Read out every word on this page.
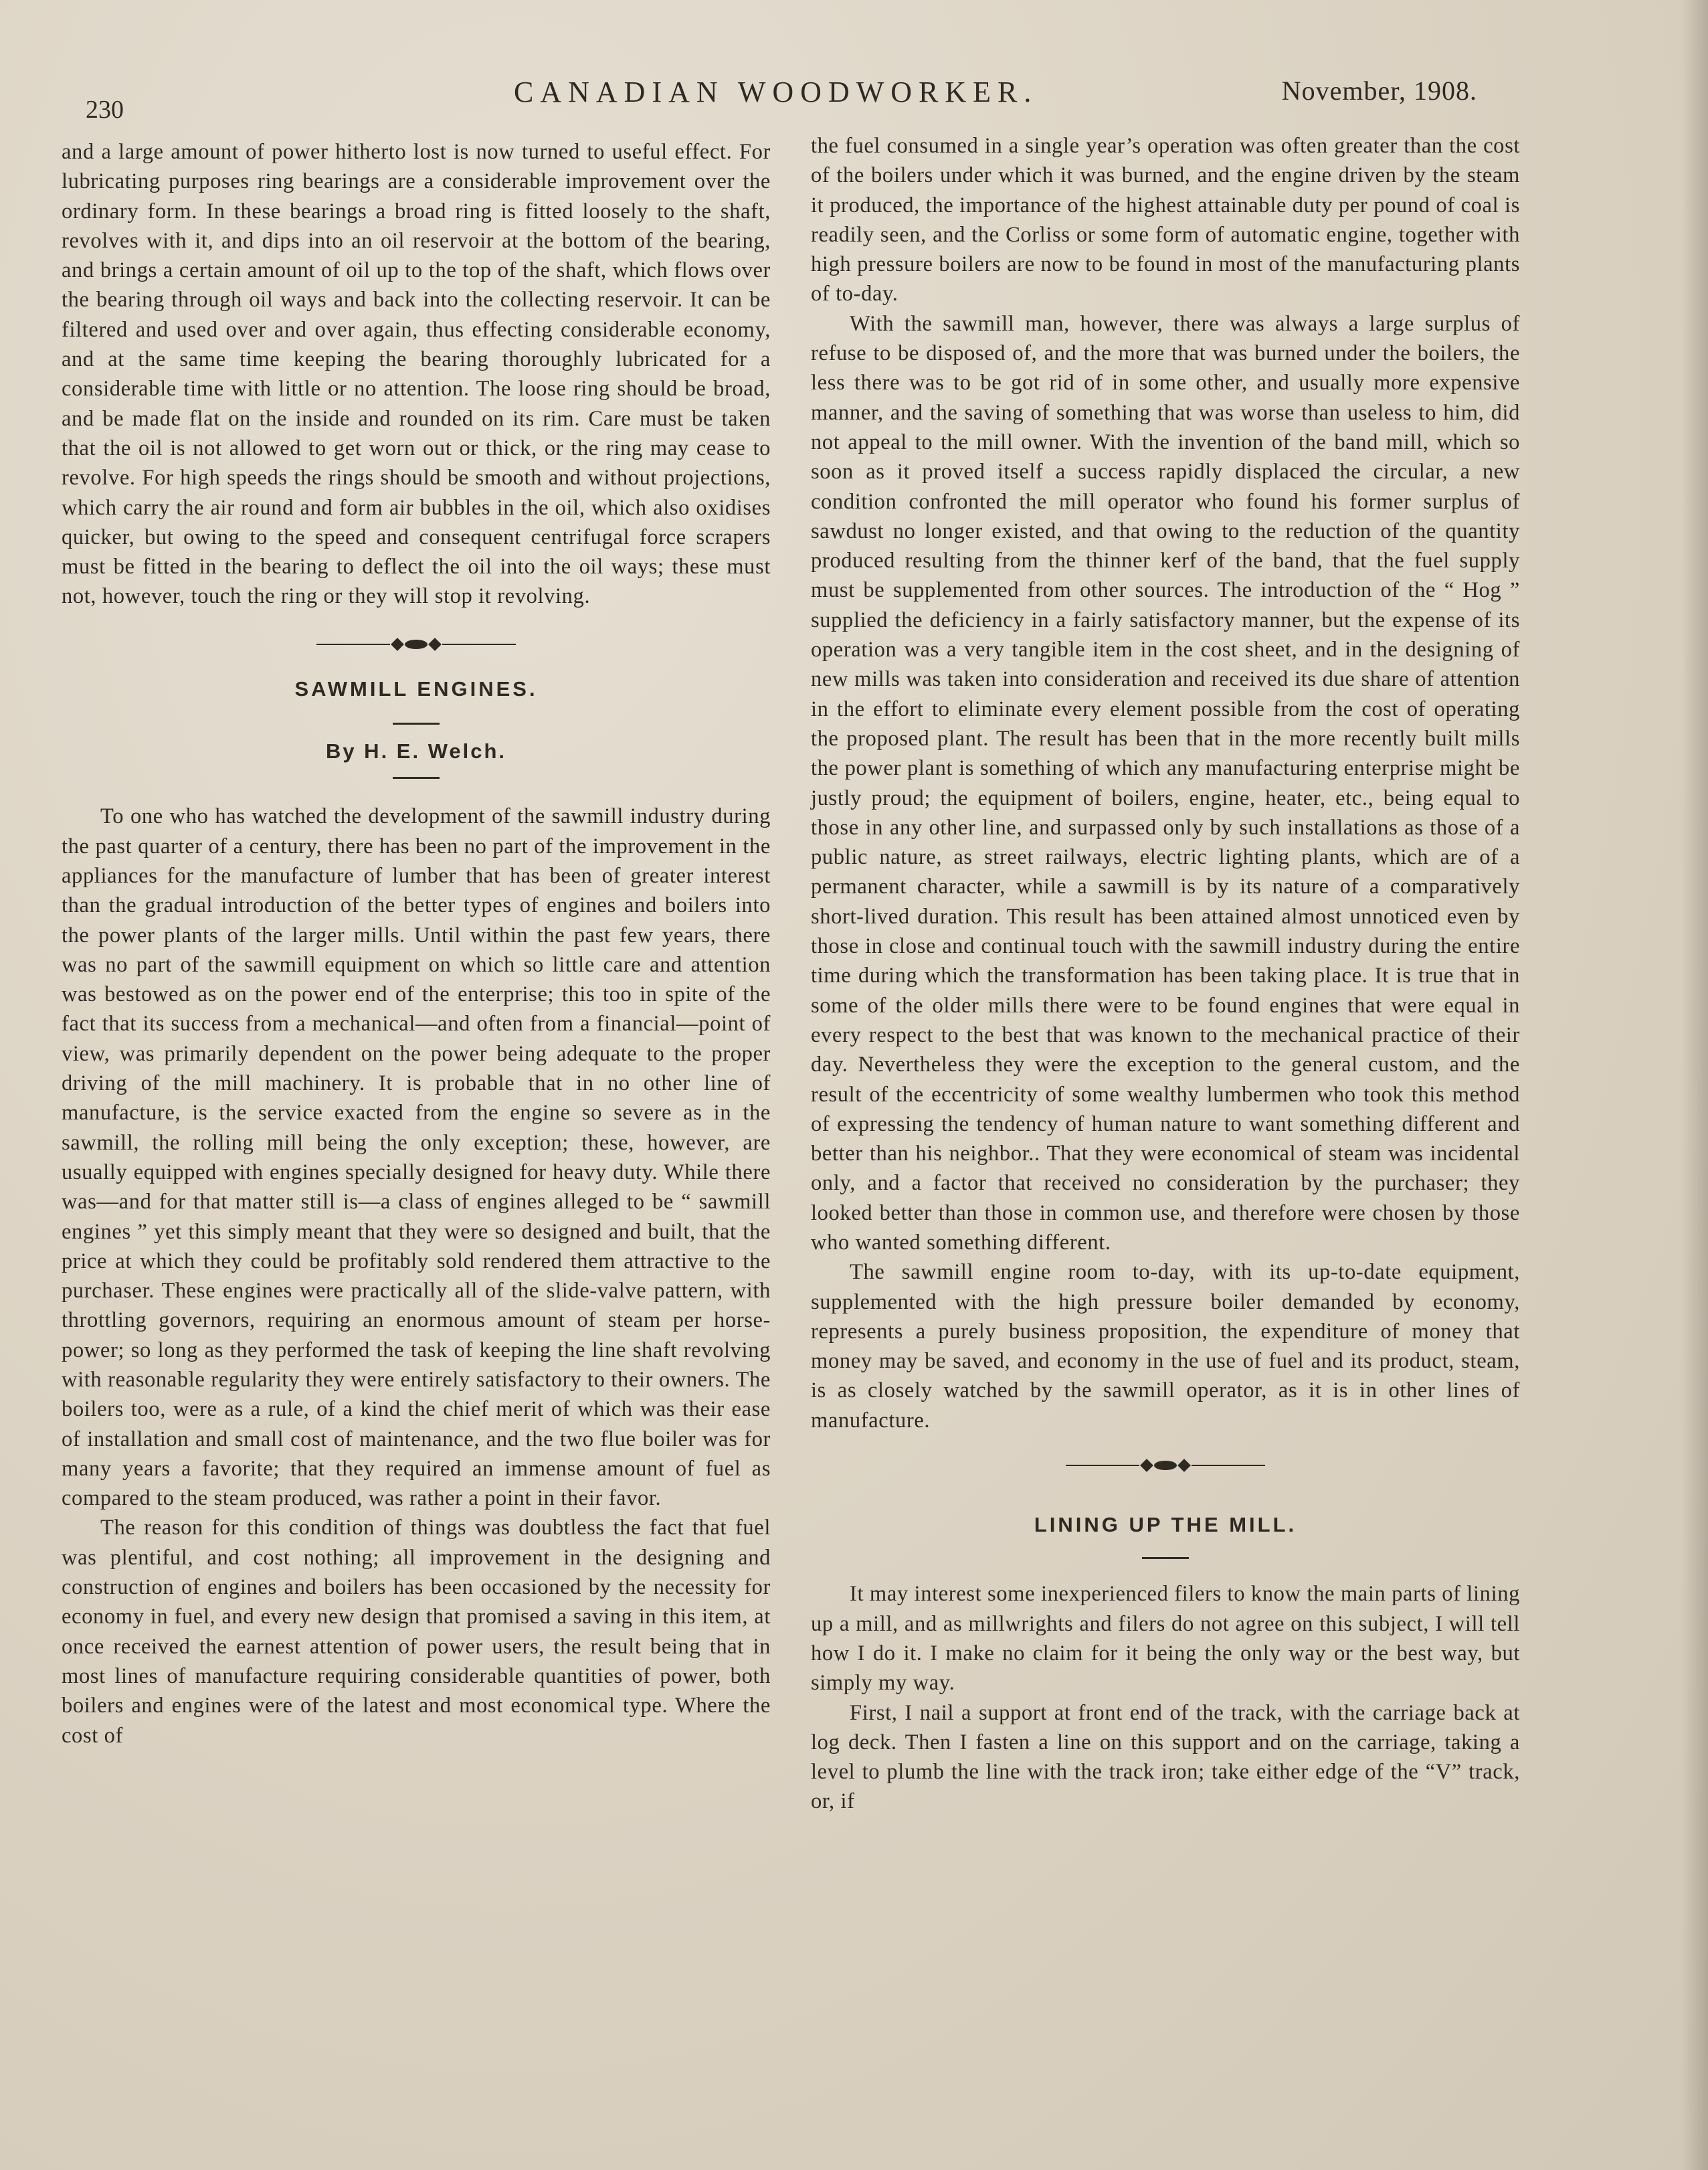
230
CANADIAN WOODWORKER.	November, 1908.

and a large amount of power hitherto lost is now turned to useful effect. For lubricating purposes ring bearings are a considerable improvement over the ordinary form. In these bearings a broad ring is fitted loosely to the shaft, revolves with it, and dips into an oil reservoir at the bottom of the bearing, and brings a certain amount of oil up to the top of the shaft, which flows over the bearing through oil ways and back into the collecting reservoir. It can be filtered and used over and over again, thus effecting considerable economy, and at the same time keeping the bearing thoroughly lubricated for a considerable time with little or no attention. The loose ring should be broad, and be made flat on the inside and rounded on its rim. Care must be taken that the oil is not allowed to get worn out or thick, or the ring may cease to revolve. For high speeds the rings should be smooth and without projections, which carry the air round and form air bubbles in the oil, which also oxidises quicker, but owing to the speed and consequent centrifugal force scrapers must be fitted in the bearing to deflect the oil into the oil ways; these must not, however, touch the ring or they will stop it revolving.

SAWMILL ENGINES.

By H. E. Welch.

To one who has watched the development of the sawmill industry during the past quarter of a century, there has been no part of the improvement in the appliances for the manufacture of lumber that has been of greater interest than the gradual introduction of the better types of engines and boilers into the power plants of the larger mills. Until within the past few years, there was no part of the sawmill equipment on which so little care and attention was bestowed as on the power end of the enterprise; this too in spite of the fact that its success from a mechanical—and often from a financial—point of view, was primarily dependent on the power being adequate to the proper driving of the mill machinery. It is probable that in no other line of manufacture, is the service exacted from the engine so severe as in the sawmill, the rolling mill being the only exception; these, however, are usually equipped with engines specially designed for heavy duty. While there was—and for that matter still is—a class of engines alleged to be “ sawmill engines ” yet this simply meant that they were so designed and built, that the price at which they could be profitably sold rendered them attractive to the purchaser. These engines were practically all of the slide-valve pattern, with throttling governors, requiring an enormous amount of steam per horse-power; so long as they performed the task of keeping the line shaft revolving with reasonable regularity they were entirely satisfactory to their owners. The boilers too, were as a rule, of a kind the chief merit of which was their ease of installation and small cost of maintenance, and the two flue boiler was for many years a favorite; that they required an immense amount of fuel as compared to the steam produced, was rather a point in their favor.

The reason for this condition of things was doubtless the fact that fuel was plentiful, and cost nothing; all improvement in the designing and construction of engines and boilers has been occasioned by the necessity for economy in fuel, and every new design that promised a saving in this item, at once received the earnest attention of power users, the result being that in most lines of manufacture requiring considerable quantities of power, both boilers and engines were of the latest and most economical type. Where the cost of

the fuel consumed in a single year’s operation was often greater than the cost of the boilers under which it was burned, and the engine driven by the steam it produced, the importance of the highest attainable duty per pound of coal is readily seen, and the Corliss or some form of automatic engine, together with high pressure boilers are now to be found in most of the manufacturing plants of to-day.

With the sawmill man, however, there was always a large surplus of refuse to be disposed of, and the more that was burned under the boilers, the less there was to be got rid of in some other, and usually more expensive manner, and the saving of something that was worse than useless to him, did not appeal to the mill owner. With the invention of the band mill, which so soon as it proved itself a success rapidly displaced the circular, a new condition confronted the mill operator who found his former surplus of sawdust no longer existed, and that owing to the reduction of the quantity produced resulting from the thinner kerf of the band, that the fuel supply must be supplemented from other sources. The introduction of the “ Hog ” supplied the deficiency in a fairly satisfactory manner, but the expense of its operation was a very tangible item in the cost sheet, and in the designing of new mills was taken into consideration and received its due share of attention in the effort to eliminate every element possible from the cost of operating the proposed plant. The result has been that in the more recently built mills the power plant is something of which any manufacturing enterprise might be justly proud; the equipment of boilers, engine, heater, etc., being equal to those in any other line, and surpassed only by such installations as those of a public nature, as street railways, electric lighting plants, which are of a permanent character, while a sawmill is by its nature of a comparatively short-lived duration. This result has been attained almost unnoticed even by those in close and continual touch with the sawmill industry during the entire time during which the transformation has been taking place. It is true that in some of the older mills there were to be found engines that were equal in every respect to the best that was known to the mechanical practice of their day. Nevertheless they were the exception to the general custom, and the result of the eccentricity of some wealthy lumbermen who took this method of expressing the tendency of human nature to want something different and better than his neighbor.. That they were economical of steam was incidental only, and a factor that received no consideration by the purchaser; they looked better than those in common use, and therefore were chosen by those who wanted something different.

The sawmill engine room to-day, with its up-to-date equipment, supplemented with the high pressure boiler demanded by economy, represents a purely business proposition, the expenditure of money that money may be saved, and economy in the use of fuel and its product, steam, is as closely watched by the sawmill operator, as it is in other lines of manufacture.

LINING UP THE MILL.

It may interest some inexperienced filers to know the main parts of lining up a mill, and as millwrights and filers do not agree on this subject, I will tell how I do it. I make no claim for it being the only way or the best way, but simply my way.

First, I nail a support at front end of the track, with the carriage back at log deck. Then I fasten a line on this support and on the carriage, taking a level to plumb the line with the track iron; take either edge of the “V” track, or, if
